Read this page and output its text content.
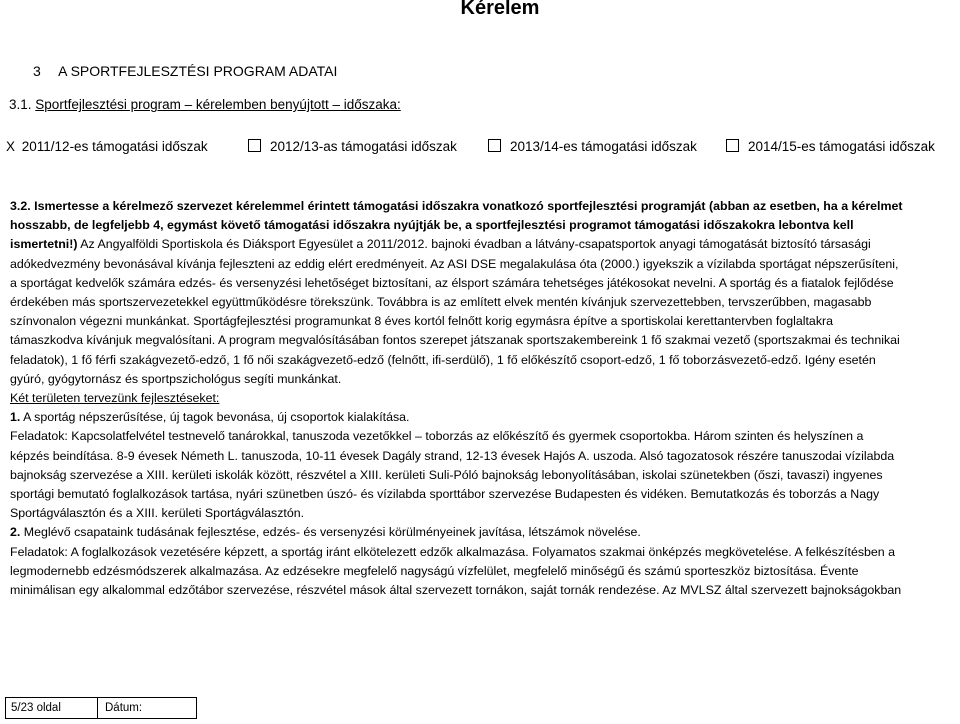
Kérelem
3 A SPORTFEJLESZTÉSI PROGRAM ADATAI
3.1. Sportfejlesztési program – kérelemben benyújtott – időszaka:
X 2011/12-es támogatási időszak	2012/13-as támogatási időszak	2013/14-es támogatási időszak	2014/15-es támogatási időszak

3.2. Ismertesse a kérelmező szervezet kérelemmel érintett támogatási időszakra vonatkozó sportfejlesztési programját (abban az esetben, ha a kérelmet

hosszabb, de legfeljebb 4, egymást követő támogatási időszakra nyújtják be, a sportfejlesztési programot támogatási időszakokra lebontva kell

ismertetni!) Az Angyalföldi Sportiskola és Diáksport Egyesület a 2011/2012. bajnoki évadban a látvány-csapatsportok anyagi támogatását biztosító társasági

adókedvezmény bevonásával kívánja fejleszteni az eddig elért eredményeit. Az ASI DSE megalakulása óta (2000.) igyekszik a vízilabda sportágat népszerűsíteni,

a sportágat kedvelők számára edzés- és versenyzési lehetőséget biztosítani, az élsport számára tehetséges játékosokat nevelni. A sportág és a fiatalok fejlődése

érdekében más sportszervezetekkel együttműködésre törekszünk. Továbbra is az említett elvek mentén kívánjuk szervezettebben, tervszerűbben, magasabb

színvonalon végezni munkánkat. Sportágfejlesztési programunkat 8 éves kortól felnőtt korig egymásra építve a sportiskolai kerettantervben foglaltakra

támaszkodva kívánjuk megvalósítani. A program megvalósításában fontos szerepet játszanak sportszakembereink 1 fő szakmai vezető (sportszakmai és technikai

feladatok), 1 fő férfi szakágvezető-edző, 1 fő női szakágvezető-edző (felnőtt, ifi-serdülő), 1 fő előkészítő csoport-edző, 1 fő toborzásvezető-edző. Igény esetén

gyúró, gyógytornász és sportpszichológus segíti munkánkat.

Két területen tervezünk fejlesztéseket:

1. A sportág népszerűsítése, új tagok bevonása, új csoportok kialakítása.

Feladatok: Kapcsolatfelvétel testnevelő tanárokkal, tanuszoda vezetőkkel – toborzás az előkészítő és gyermek csoportokba. Három szinten és helyszínen a

képzés beindítása. 8-9 évesek Németh L. tanuszoda, 10-11 évesek Dagály strand, 12-13 évesek Hajós A. uszoda. Alsó tagozatosok részére tanuszodai vízilabda

bajnokság szervezése a XIII. kerületi iskolák között, részvétel a XIII. kerületi Suli-Póló bajnokság lebonyolításában, iskolai szünetekben (őszi, tavaszi) ingyenes

sportági bemutató foglalkozások tartása, nyári szünetben úszó- és vízilabda sporttábor szervezése Budapesten és vidéken. Bemutatkozás és toborzás a Nagy

Sportágválasztón és a XIII. kerületi Sportágválasztón.

2. Meglévő csapataink tudásának fejlesztése, edzés- és versenyzési körülményeinek javítása, létszámok növelése.

Feladatok: A foglalkozások vezetésére képzett, a sportág iránt elkötelezett edzők alkalmazása. Folyamatos szakmai önképzés megkövetelése. A felkészítésben a

legmodernebb edzésmódszerek alkalmazása. Az edzésekre megfelelő nagyságú vízfelület, megfelelő minőségű és számú sporteszköz biztosítása. Évente

minimálisan egy alkalommal edzőtábor szervezése, részvétel mások által szervezett tornákon, saját tornák rendezése. Az MVLSZ által szervezett bajnokságokban

5/23 oldal	Dátum:
